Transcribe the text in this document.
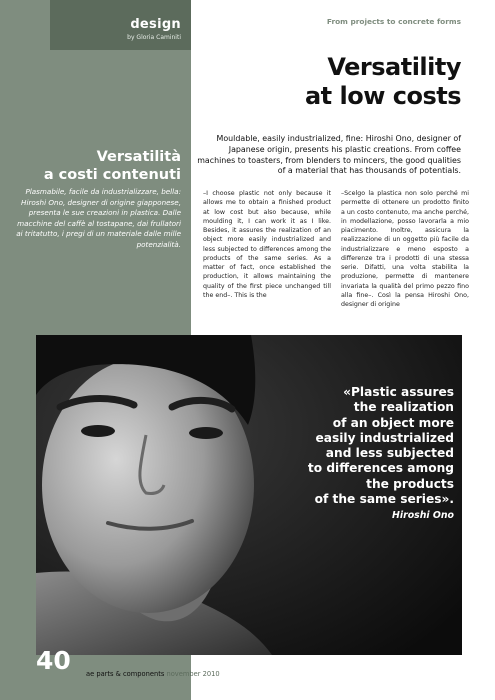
design
by Gloria Caminiti
Versatilità
a costi contenuti
Plasmabile, facile da industrializzare, bella: Hiroshi Ono, designer di origine giapponese, presenta le sue creazioni in plastica. Dalle macchine del caffè al tostapane, dai frullatori ai tritatutto, i pregi di un materiale dalle mille potenzialità.
From projects to concrete forms
Versatility
at low costs
Mouldable, easily industrialized, fine: Hiroshi Ono, designer of Japanese origin, presents his plastic creations. From coffee machines to toasters, from blenders to mincers, the good qualities of a material that has thousands of potentials.
–I choose plastic not only because it allows me to obtain a finished product at low cost but also because, while moulding it, I can work it as I like. Besides, it assures the realization of an object more easily industrialized and less subjected to differences among the products of the same series. As a matter of fact, once established the production, it allows maintaining the quality of the first piece unchanged till the end–. This is the
–Scelgo la plastica non solo perché mi permette di ottenere un prodotto finito a un costo contenuto, ma anche perché, in modellazione, posso lavorarla a mio piacimento. Inoltre, assicura la realizzazione di un oggetto più facile da industrializzare e meno esposto a differenze tra i prodotti di una stessa serie. Difatti, una volta stabilita la produzione, permette di mantenere invariata la qualità del primo pezzo fino alla fine–. Così la pensa Hiroshi Ono, designer di origine
«Plastic assures
the realization
of an object more
easily industrialized
and less subjected
to differences among
the products
of the same series».
Hiroshi Ono
40 ae parts & components november 2010
